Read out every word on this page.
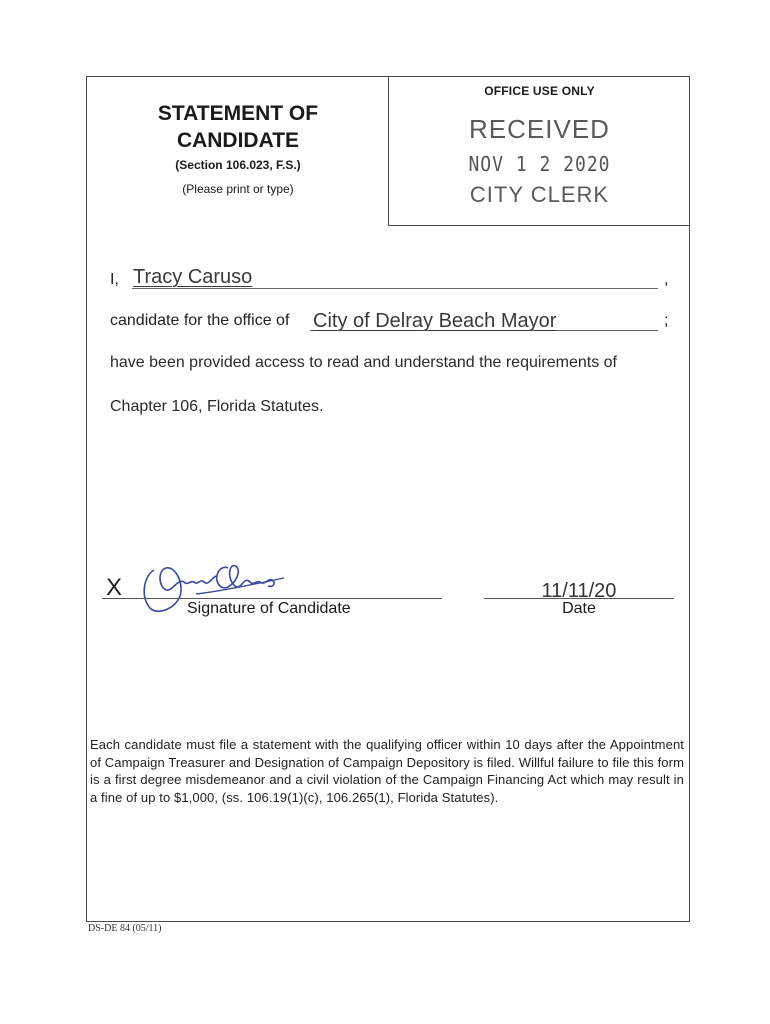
OFFICE USE ONLY
RECEIVED
NOV 1 2 2020
CITY CLERK
STATEMENT OF
CANDIDATE
(Section 106.023, F.S.)
(Please print or type)
I, Tracy Caruso	,
candidate for the office of City of Delray Beach Mayor	;
have been provided access to read and understand the requirements of
Chapter 106, Florida Statutes.
X
Signature of Candidate
11/11/20
Date
Each candidate must file a statement with the qualifying officer within 10 days after the Appointment of Campaign Treasurer and Designation of Campaign Depository is filed. Willful failure to file this form is a first degree misdemeanor and a civil violation of the Campaign Financing Act which may result in a fine of up to $1,000, (ss. 106.19(1)(c), 106.265(1), Florida Statutes).
DS-DE 84 (05/11)
